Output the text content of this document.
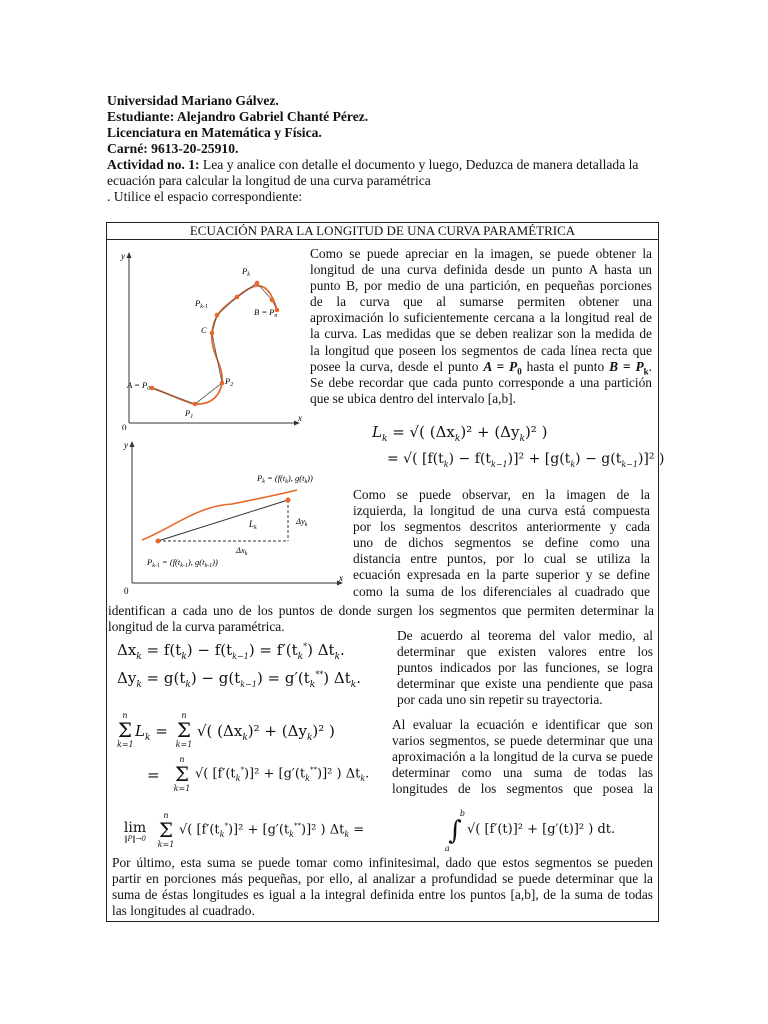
Universidad Mariano Gálvez.
Estudiante: Alejandro Gabriel Chanté Pérez.
Licenciatura en Matemática y Física.
Carné: 9613-20-25910.
Actividad no. 1: Lea y analice con detalle el documento y luego, Deduzca de manera detallada la
ecuación para calcular la longitud de una curva paramétrica
. Utilice el espacio correspondiente:
ECUACIÓN PARA LA LONGITUD DE UNA CURVA PARAMÉTRICA
y
x
0
$P_k$
$P_{k-1}$	$B = P_n$
C
$A = P_0$
$P_2$
$P_1$
Como se puede apreciar en la imagen, se puede obtener la
longitud de una curva definida desde un punto A hasta un
punto B, por medio de una partición, en pequeñas porciones
de la curva que al sumarse permiten obtener una
aproximación lo suficientemente cercana a la longitud real de
la curva. Las medidas que se deben realizar son la medida de
la longitud que poseen los segmentos de cada línea recta que
posee la curva, desde el punto $A = P_0$ hasta el punto $B = P_k$.
Se debe recordar que cada punto corresponde a una partición
que se ubica dentro del intervalo [a,b].
$L_k$ = √( $(\Delta x_k)^2 + (\Delta y_k)^2$ )
= √( $[f(t_k) - f(t_{k-1})]^2 + [g(t_k) - g(t_{k-1})]^2$ )
y
x
0
$P_k = (f(t_k)$, $g(t_k)$)
$L_k$
$\Delta y_k$
$\Delta x_k$
$P_{k-1} = (f(t_{k-1})$, $g(t_{k-1})$)
Como se puede observar, en la imagen de la
izquierda, la longitud de una curva está compuesta
por los segmentos descritos anteriormente y cada
uno de dichos segmentos se define como una
distancia entre puntos, por lo cual se utiliza la
ecuación expresada en la parte superior y se define
como la suma de los diferenciales al cuadrado que
identifican a cada uno de los puntos de donde surgen los segmentos que permiten determinar la
longitud de la curva paramétrica.
$\Delta x_k = f(t_k) - f(t_{k-1}) = f'(t_k^*)$ $\Delta t_k$.
$\Delta y_k = g(t_k) - g(t_{k-1}) = g'(t_k^{**})$ $\Delta t_k$.
De acuerdo al teorema del valor medio, al
determinar que existen valores entre los
puntos indicados por las funciones, se logra
determinar que existe una pendiente que pasa
por cada uno sin repetir su trayectoria.
n
Σ
k=1
$L_k$ =
n
Σ
k=1
√( $(\Delta x_k)^2 + (\Delta y_k)^2$ )
=
n
Σ
k=1
√( $[f'(t_k^*)]^2 + [g'(t_k^{**})]^2$ ) $\Delta t_k$.
Al evaluar la ecuación e identificar que son
varios segmentos, se puede determinar que una
aproximación a la longitud de la curva se puede
determinar como una suma de todas las
longitudes de los segmentos que posea la
lim
‖P‖→0
n
Σ
k=1
√( $[f'(t_k^*)]^2 + [g'(t_k^{**})]^2$ ) $\Delta t_k$ =
b
∫
a
√( [f′(t)]² + [g′(t)]² ) dt.
Por último, esta suma se puede tomar como infinitesimal, dado que estos segmentos se pueden
partir en porciones más pequeñas, por ello, al analizar a profundidad se puede determinar que la
suma de éstas longitudes es igual a la integral definida entre los puntos [a,b], de la suma de todas
las longitudes al cuadrado.
